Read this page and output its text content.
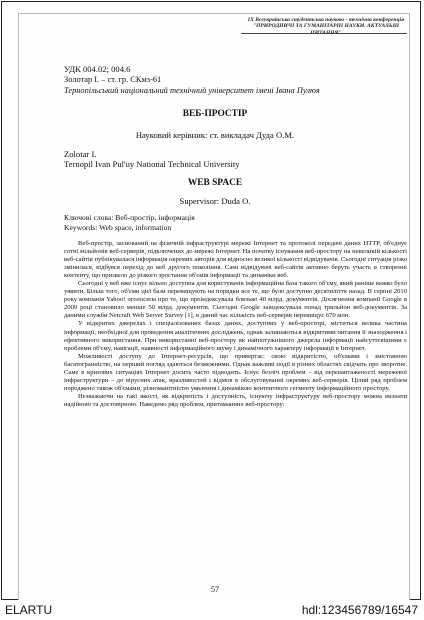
ІХ Всеукраїнська студентська науково - технічна конференція "ПРИРОДНИЧІ ТА ГУМАНІТАРНІ НАУКИ. АКТУАЛЬНІ ПИТАННЯ"
УДК 004.02; 004.6
Золотар І. – ст. гр. СКмз-61
Тернопільський національний технічний університет імені Івана Пулюя
ВЕБ-ПРОСТІР
Науковий керівник: ст. викладач Дуда О.М.
Zolotar I.
Ternopil Ivan Pul'uy National Technical University
WEB SPACE
Supervisor: Duda O.
Ключові слова: Веб-простір, інформація
Keywords: Web space, information

Веб-простір, заснований на фізичній інфраструктурі мережі Інтернет та протоколі передачі даних HTTP, об'єднує сотні мільйонів веб-серверів, підключених до мережі Інтернет. На початку існування веб-простору на невеликій кількості веб-сайтів публікувалася інформація окремих авторів для відносно великої кількості відвідувачів. Сьогодні ситуація різко змінилася, відбувся перехід до веб другого покоління. Самі відвідувачі веб-сайтів активно беруть участь в створенні контенту, що призвело до різкого зростання об'ємів інформації та динаміки веб.

Сьогодні у веб вже існує вільно доступна для користувачів інформаційна база такого об'єму, який раніше важко було уявити. Більш того, об'єми цієї бази перевищують на порядки все те, що було доступно десятиліття назад. В серпні 2010 року компанія Yahoo! оголосила про те, що проіндексувала близько 40 млрд. документів. Досягнення компанії Google в 2009 році становило менше 50 млрд. документів. Сьогодні Google заіндексувала понад трильйон веб-документів. За даними служби Netcraft Web Server Survey [1], в даний час кількість веб-серверів перевищує 670 млн.

У відкритих джерелах і спеціалізованих базах даних, доступних у веб-просторі, міститься велика частина інформації, необхідної для проведення аналітичних досліджень, однак залишаються відкритими питання її знаходження і ефективного використання. При використанні веб-простору як найпотужнішого джерела інформації найсуттєвішими є проблеми об'єму, навігації, наявності інформаційного шуму і динамічного характеру інформації в Інтернет.

Можливості доступу до Інтернет-ресурсів, що привертає: свою відкритістю, об'ємами і змістовною багатогранністю, на перший погляд здаються безмежними. Однак важливі події в різних областях свідчать про зворотне. Саме в кризових ситуаціях Інтернет досить часто підводить. Існує безліч проблем – від перевантаженості мережевої інфраструктури – до вірусних атак, вразливостей і відмов в обслуговуванні окремих веб-серверів. Цілий ряд проблем породжено також об'ємами, різноманітністю уявлення і динамікою контентного сегменту інформаційного простору.

Незважаючи на такі якості, як відкритість і доступність, існуючу інфраструктуру веб-простору можна визнати надійною та достовірною. Наведемо ряд проблем, притаманних веб-простору:

57
ELARTU	hdl:123456789/16547
